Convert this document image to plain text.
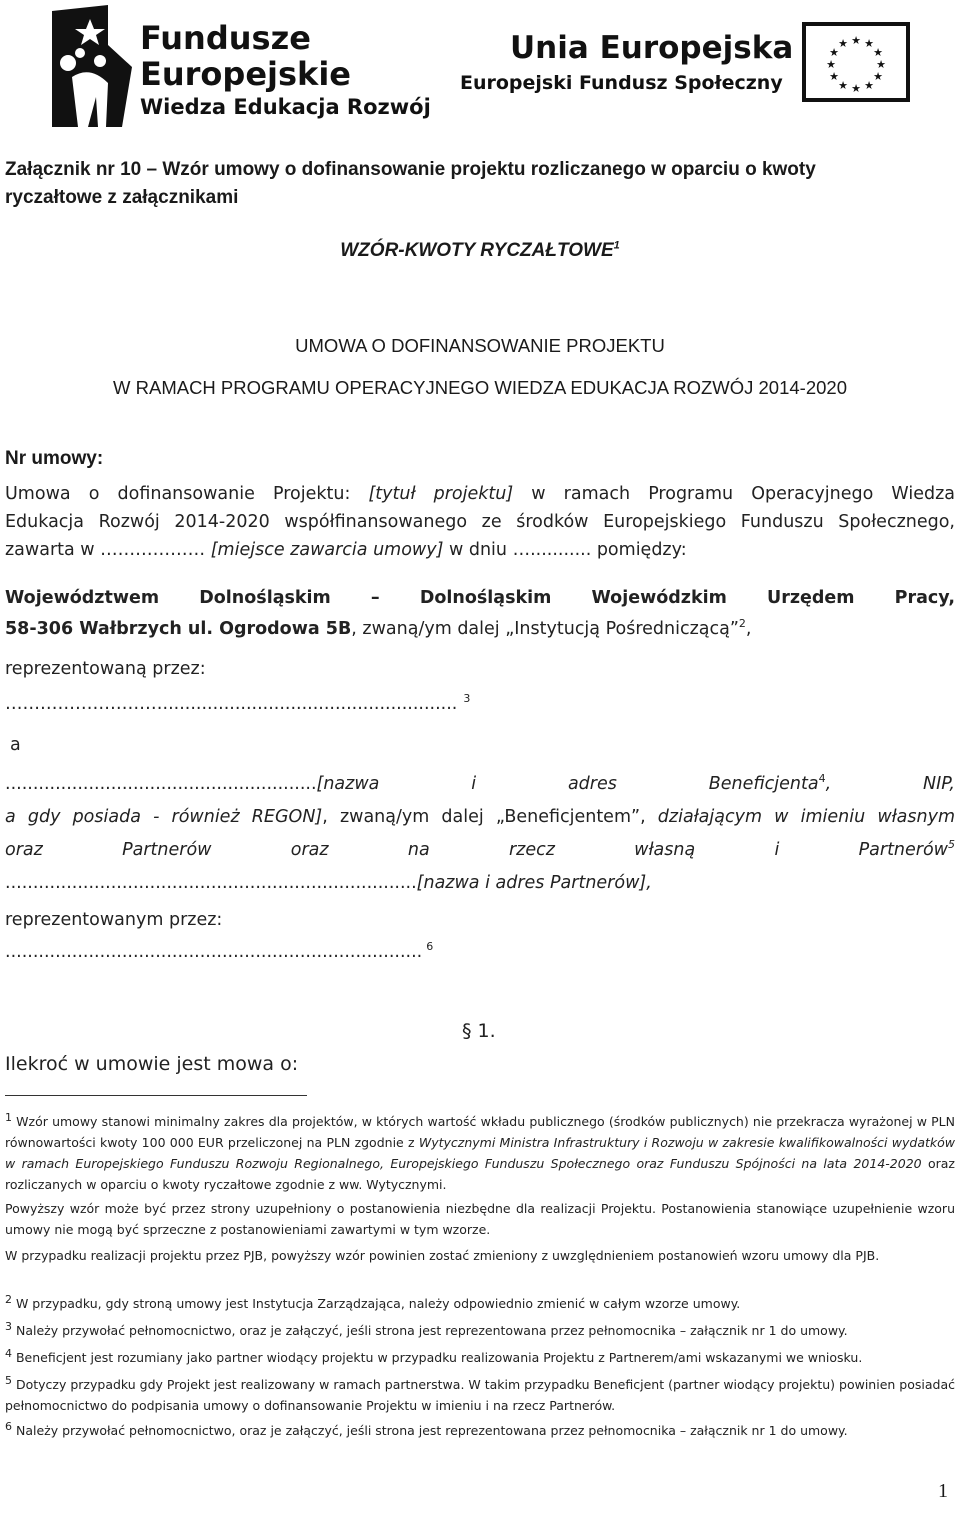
Fundusze
Europejskie
Wiedza Edukacja Rozwój
Unia Europejska
Europejski Fundusz Społeczny
★ ★
★
★
★
★
★
★
★
★
★
★
Załącznik nr 10 – Wzór umowy o dofinansowanie projektu rozliczanego w oparciu o kwoty
ryczałtowe z załącznikami
WZÓR-KWOTY RYCZAŁTOWE$^1$
UMOWA O DOFINANSOWANIE PROJEKTU
W RAMACH PROGRAMU OPERACYJNEGO WIEDZA EDUKACJA ROZWÓJ 2014-2020
Nr umowy:
Umowa o dofinansowanie Projektu: [tytuł projektu] w ramach Programu Operacyjnego Wiedza
Edukacja Rozwój 2014-2020 współfinansowanego ze środków Europejskiego Funduszu Społecznego,
zawarta w ……………… [miejsce zawarcia umowy] w dniu …........... pomiędzy:
Województwem Dolnośląskim – Dolnośląskim Wojewódzkim Urzędem Pracy,
58-306 Wałbrzych ul. Ogrodowa 5B, zwaną/ym dalej „Instytucją Pośredniczącą”$^2$,
reprezentowaną przez:
………………………..................................................... $^3$
a
........................................................[nazwa i adres Beneficjenta$^4$, NIP,
a gdy posiada - również REGON], zwaną/ym dalej „Beneficjentem”, działającym w imieniu własnym
oraz Partnerów oraz na rzecz własną i Partnerów$^5$
..........................................................................[nazwa i adres Partnerów],
reprezentowanym przez:
........................................................................... $^6$
§ 1.
Ilekroć w umowie jest mowa o:
$^1$ Wzór umowy stanowi minimalny zakres dla projektów, w których wartość wkładu publicznego (środków publicznych) nie przekracza wyrażonej w PLN równowartości kwoty 100 000 EUR przeliczonej na PLN zgodnie z Wytycznymi Ministra Infrastruktury i Rozwoju w zakresie kwalifikowalności wydatków w ramach Europejskiego Funduszu Rozwoju Regionalnego, Europejskiego Funduszu Społecznego oraz Funduszu Spójności na lata 2014-2020 oraz rozliczanych w oparciu o kwoty ryczałtowe zgodnie z ww. Wytycznymi.
Powyższy wzór może być przez strony uzupełniony o postanowienia niezbędne dla realizacji Projektu. Postanowienia stanowiące uzupełnienie wzoru umowy nie mogą być sprzeczne z postanowieniami zawartymi w tym wzorze.
W przypadku realizacji projektu przez PJB, powyższy wzór powinien zostać zmieniony z uwzględnieniem postanowień wzoru umowy dla PJB.
$^2$ W przypadku, gdy stroną umowy jest Instytucja Zarządzająca, należy odpowiednio zmienić w całym wzorze umowy.
$^3$ Należy przywołać pełnomocnictwo, oraz je załączyć, jeśli strona jest reprezentowana przez pełnomocnika – załącznik nr 1 do umowy.
$^4$ Beneficjent jest rozumiany jako partner wiodący projektu w przypadku realizowania Projektu z Partnerem/ami wskazanymi we wniosku.
$^5$ Dotyczy przypadku gdy Projekt jest realizowany w ramach partnerstwa. W takim przypadku Beneficjent (partner wiodący projektu) powinien posiadać pełnomocnictwo do podpisania umowy o dofinansowanie Projektu w imieniu i na rzecz Partnerów.
$^6$ Należy przywołać pełnomocnictwo, oraz je załączyć, jeśli strona jest reprezentowana przez pełnomocnika – załącznik nr 1 do umowy.
1
